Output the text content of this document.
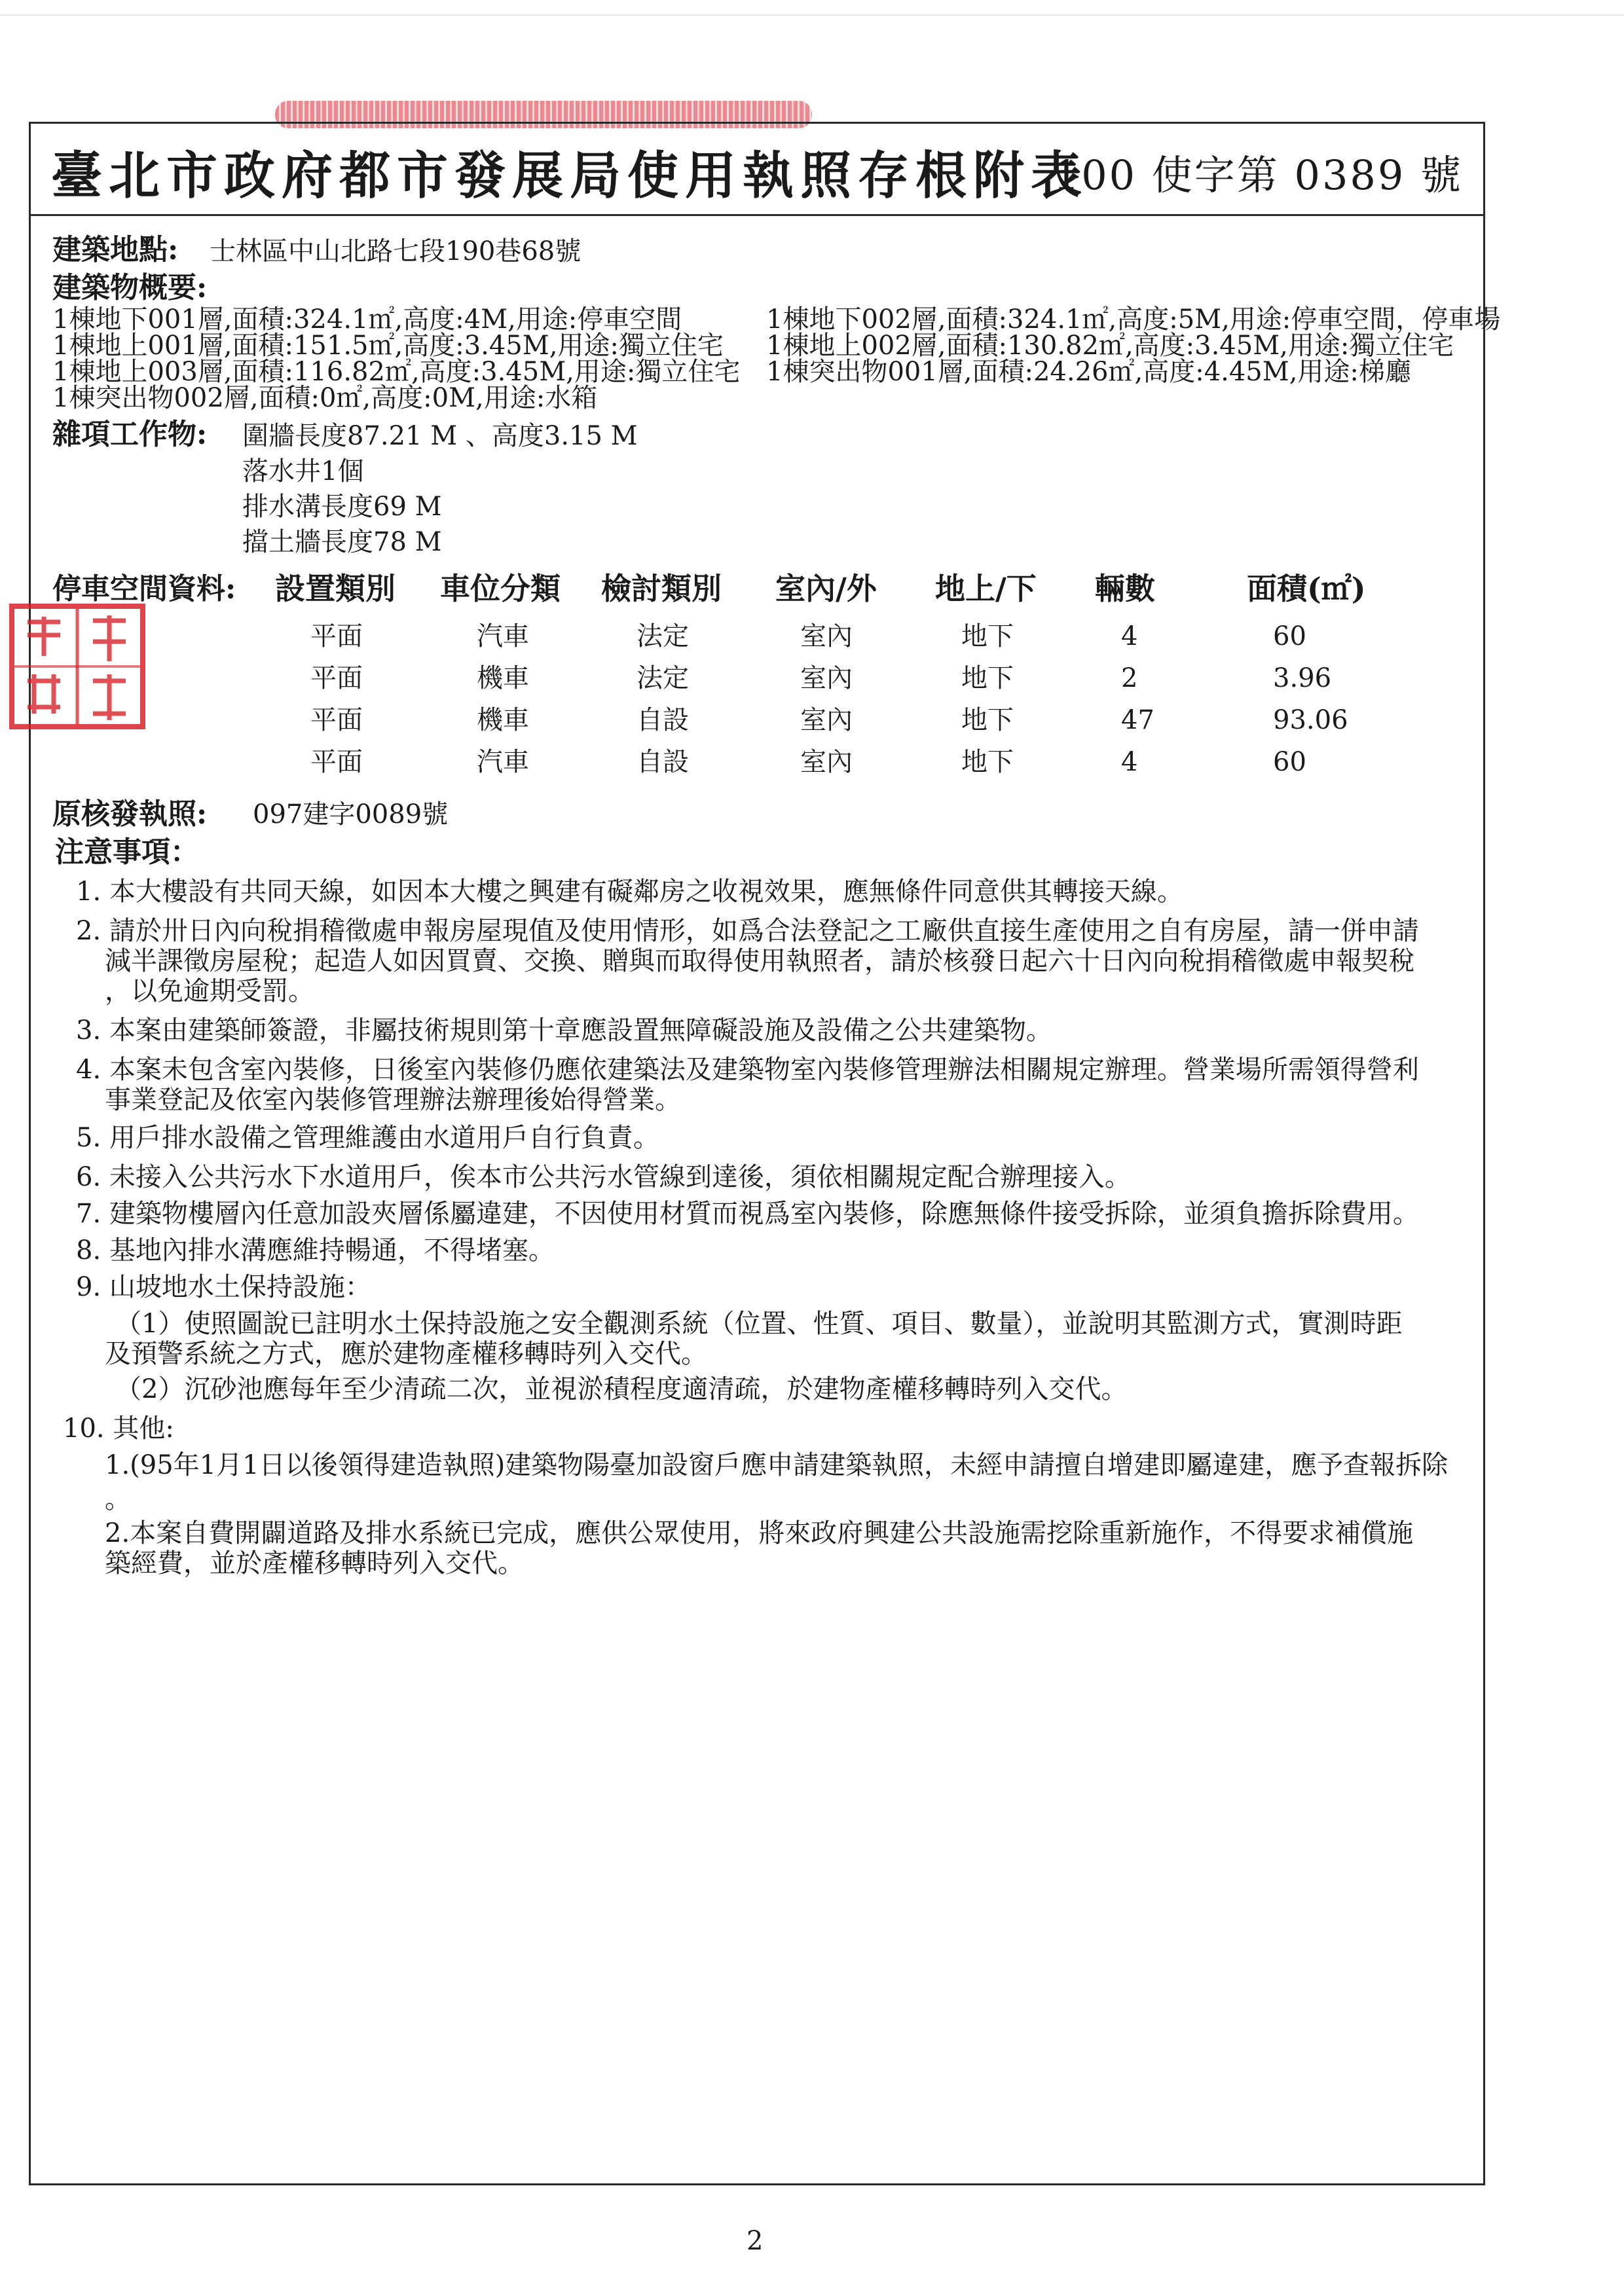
臺北市政府都市發展局使用執照存根附表
100 使字第 0389 號
建築地點: 士林區中山北路七段190巷68號
建築物概要:
1棟地下001層,面積:324.1㎡,高度:4M,用途:停車空間
1棟地上001層,面積:151.5㎡,高度:3.45M,用途:獨立住宅
1棟地上003層,面積:116.82㎡,高度:3.45M,用途:獨立住宅
1棟突出物002層,面積:0㎡,高度:0M,用途:水箱
1棟地下002層,面積:324.1㎡,高度:5M,用途:停車空間，停車場
1棟地上002層,面積:130.82㎡,高度:3.45M,用途:獨立住宅
1棟突出物001層,面積:24.26㎡,高度:4.45M,用途:梯廳
雜項工作物: 圍牆長度87.21 M 、高度3.15 M
落水井1個
排水溝長度69 M
擋土牆長度78 M
停車空間資料: 設置類別 車位分類 檢討類別 室內/外 地上/下 輛數	面積(㎡)
平面	汽車	法定	室內	地下	4	60
平面	機車	法定	室內	地下	2	3.96
平面	機車	自設	室內	地下	47	93.06
平面	汽車	自設	室內	地下	4	60
原核發執照: 097建字0089號
注意事項：
1. 本大樓設有共同天線，如因本大樓之興建有礙鄰房之收視效果，應無條件同意供其轉接天線。
2. 請於卅日內向稅捐稽徵處申報房屋現值及使用情形，如爲合法登記之工廠供直接生產使用之自有房屋，請一併申請
減半課徵房屋稅；起造人如因買賣、交換、贈與而取得使用執照者，請於核發日起六十日內向稅捐稽徵處申報契稅
，以免逾期受罰。
3. 本案由建築師簽證，非屬技術規則第十章應設置無障礙設施及設備之公共建築物。
4. 本案未包含室內裝修，日後室內裝修仍應依建築法及建築物室內裝修管理辦法相關規定辦理。營業場所需領得營利
事業登記及依室內裝修管理辦法辦理後始得營業。
5. 用戶排水設備之管理維護由水道用戶自行負責。
6. 未接入公共污水下水道用戶，俟本市公共污水管線到達後，須依相關規定配合辦理接入。
7. 建築物樓層內任意加設夾層係屬違建，不因使用材質而視爲室內裝修，除應無條件接受拆除，並須負擔拆除費用。
8. 基地內排水溝應維持暢通，不得堵塞。
9. 山坡地水土保持設施：
（1）使照圖說已註明水土保持設施之安全觀測系統（位置、性質、項目、數量），並說明其監測方式，實測時距
及預警系統之方式，應於建物產權移轉時列入交代。
（2）沉砂池應每年至少清疏二次，並視淤積程度適清疏，於建物產權移轉時列入交代。
10. 其他:
1.(95年1月1日以後領得建造執照)建築物陽臺加設窗戶應申請建築執照，未經申請擅自增建即屬違建，應予查報拆除
。
2.本案自費開闢道路及排水系統已完成，應供公眾使用，將來政府興建公共設施需挖除重新施作，不得要求補償施
築經費，並於產權移轉時列入交代。
2
